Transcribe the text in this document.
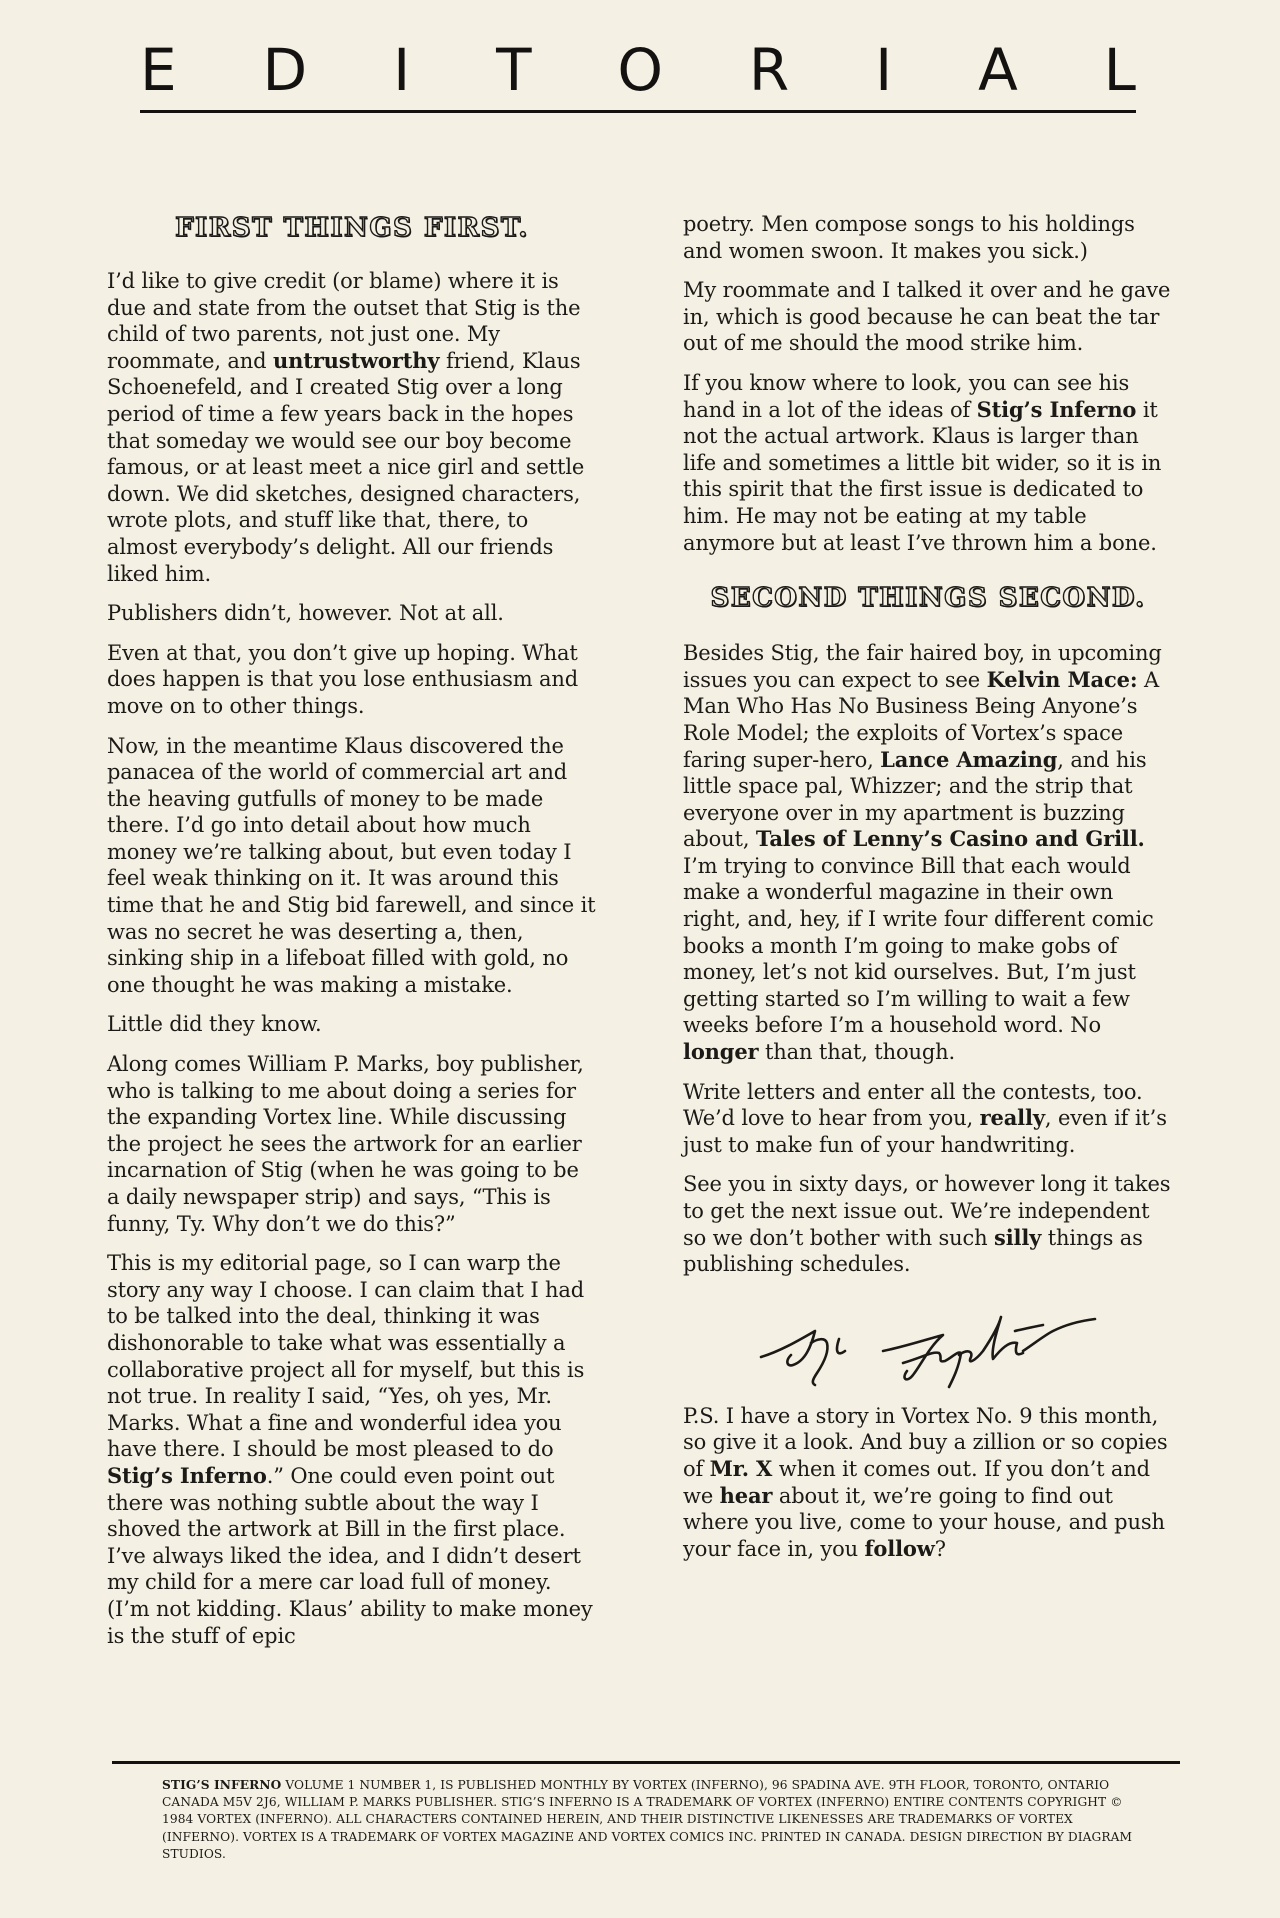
E D I T O R I A L
FIRST THINGS FIRST.

I’d like to give credit (or blame) where it is due and state from the outset that Stig is the child of two parents, not just one. My roommate, and untrustworthy friend, Klaus Schoenefeld, and I created Stig over a long period of time a few years back in the hopes that someday we would see our boy become famous, or at least meet a nice girl and settle down. We did sketches, designed characters, wrote plots, and stuff like that, there, to almost everybody’s delight. All our friends liked him.

Publishers didn’t, however. Not at all.

Even at that, you don’t give up hoping. What does happen is that you lose enthusiasm and move on to other things.

Now, in the meantime Klaus discovered the panacea of the world of commercial art and the heaving gutfulls of money to be made there. I’d go into detail about how much money we’re talking about, but even today I feel weak thinking on it. It was around this time that he and Stig bid farewell, and since it was no secret he was deserting a, then, sinking ship in a lifeboat filled with gold, no one thought he was making a mistake.

Little did they know.

Along comes William P. Marks, boy publisher, who is talking to me about doing a series for the expanding Vortex line. While discussing the project he sees the artwork for an earlier incarnation of Stig (when he was going to be a daily newspaper strip) and says, “This is funny, Ty. Why don’t we do this?”

This is my editorial page, so I can warp the story any way I choose. I can claim that I had to be talked into the deal, thinking it was dishonorable to take what was essentially a collaborative project all for myself, but this is not true. In reality I said, “Yes, oh yes, Mr. Marks. What a fine and wonderful idea you have there. I should be most pleased to do Stig’s Inferno.” One could even point out there was nothing subtle about the way I shoved the artwork at Bill in the first place. I’ve always liked the idea, and I didn’t desert my child for a mere car load full of money. (I’m not kidding. Klaus’ ability to make money is the stuff of epic

poetry. Men compose songs to his holdings and women swoon. It makes you sick.)

My roommate and I talked it over and he gave in, which is good because he can beat the tar out of me should the mood strike him.

If you know where to look, you can see his hand in a lot of the ideas of Stig’s Inferno it not the actual artwork. Klaus is larger than life and sometimes a little bit wider, so it is in this spirit that the first issue is dedicated to him. He may not be eating at my table anymore but at least I’ve thrown him a bone.

SECOND THINGS SECOND.

Besides Stig, the fair haired boy, in upcoming issues you can expect to see Kelvin Mace: A Man Who Has No Business Being Anyone’s Role Model; the exploits of Vortex’s space faring super-hero, Lance Amazing, and his little space pal, Whizzer; and the strip that everyone over in my apartment is buzzing about, Tales of Lenny’s Casino and Grill. I’m trying to convince Bill that each would make a wonderful magazine in their own right, and, hey, if I write four different comic books a month I’m going to make gobs of money, let’s not kid ourselves. But, I’m just getting started so I’m willing to wait a few weeks before I’m a household word. No longer than that, though.

Write letters and enter all the contests, too. We’d love to hear from you, really, even if it’s just to make fun of your handwriting.

See you in sixty days, or however long it takes to get the next issue out. We’re independent so we don’t bother with such silly things as publishing schedules.

P.S. I have a story in Vortex No. 9 this month, so give it a look. And buy a zillion or so copies of Mr. X when it comes out. If you don’t and we hear about it, we’re going to find out where you live, come to your house, and push your face in, you follow?

STIG’S INFERNO VOLUME 1 NUMBER 1, IS PUBLISHED MONTHLY BY VORTEX (INFERNO), 96 SPADINA AVE. 9TH FLOOR, TORONTO, ONTARIO CANADA M5V 2J6, WILLIAM P. MARKS PUBLISHER. STIG’S INFERNO IS A TRADEMARK OF VORTEX (INFERNO) ENTIRE CONTENTS COPYRIGHT © 1984 VORTEX (INFERNO). ALL CHARACTERS CONTAINED HEREIN, AND THEIR DISTINCTIVE LIKENESSES ARE TRADEMARKS OF VORTEX (INFERNO). VORTEX IS A TRADEMARK OF VORTEX MAGAZINE AND VORTEX COMICS INC. PRINTED IN CANADA. DESIGN DIRECTION BY DIAGRAM STUDIOS.
